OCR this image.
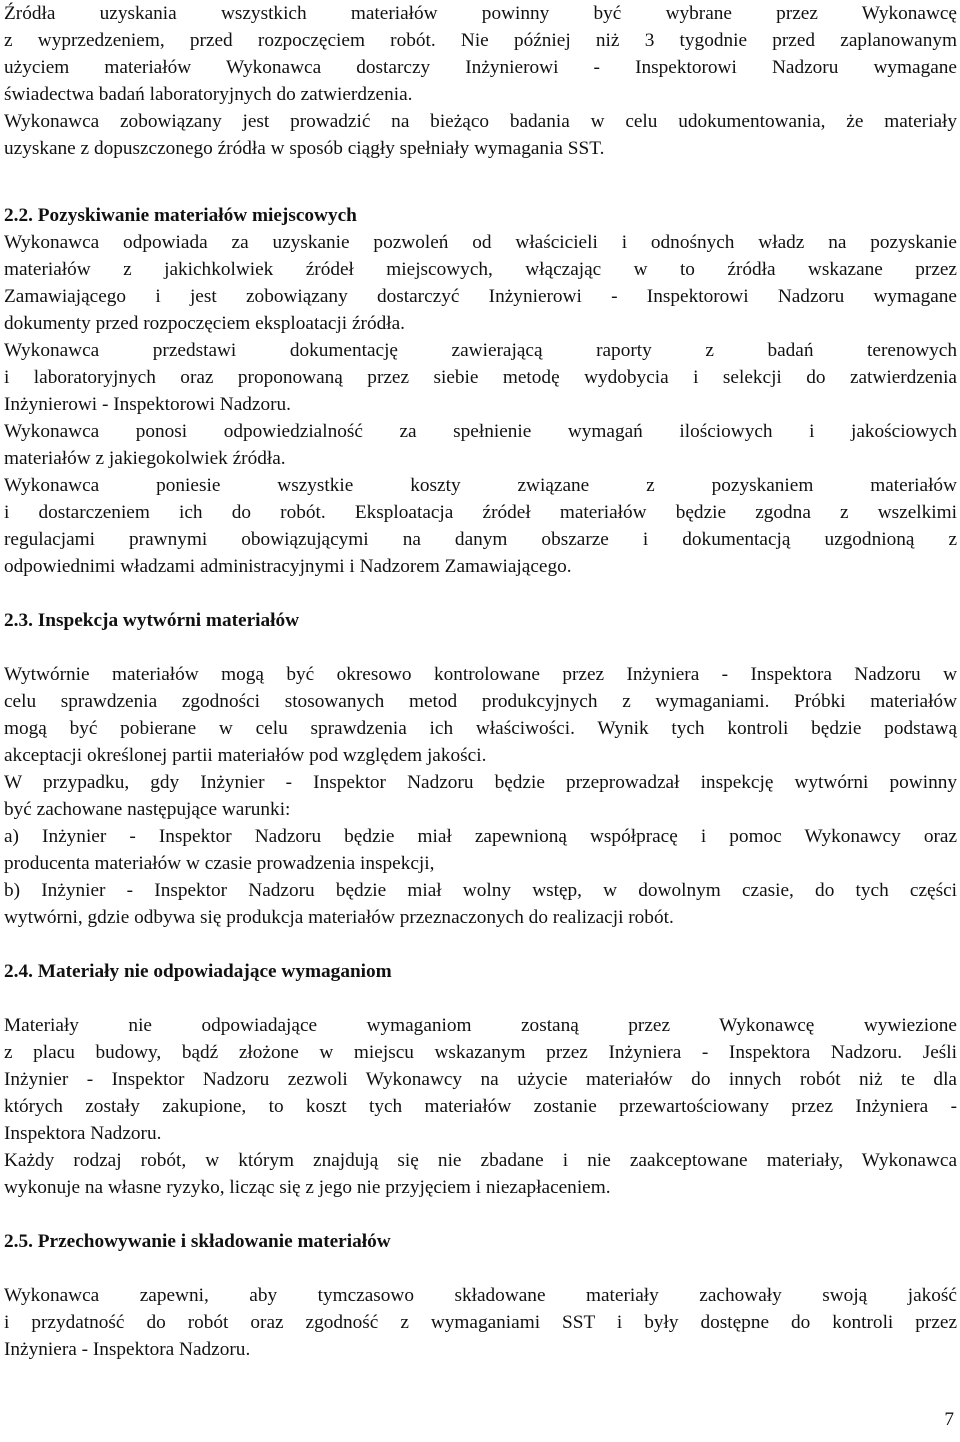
Źródła uzyskania wszystkich materiałów powinny być wybrane przez Wykonawcę
z wyprzedzeniem, przed rozpoczęciem robót. Nie później niż 3 tygodnie przed zaplanowanym
użyciem materiałów Wykonawca dostarczy Inżynierowi - Inspektorowi Nadzoru wymagane
świadectwa badań laboratoryjnych do zatwierdzenia.
Wykonawca zobowiązany jest prowadzić na bieżąco badania w celu udokumentowania, że materiały
uzyskane z dopuszczonego źródła w sposób ciągły spełniały wymagania SST.
2.2. Pozyskiwanie materiałów miejscowych
Wykonawca odpowiada za uzyskanie pozwoleń od właścicieli i odnośnych władz na pozyskanie
materiałów z jakichkolwiek źródeł miejscowych, włączając w to źródła wskazane przez
Zamawiającego i jest zobowiązany dostarczyć Inżynierowi - Inspektorowi Nadzoru wymagane
dokumenty przed rozpoczęciem eksploatacji źródła.
Wykonawca przedstawi dokumentację zawierającą raporty z badań terenowych
i laboratoryjnych oraz proponowaną przez siebie metodę wydobycia i selekcji do zatwierdzenia
Inżynierowi - Inspektorowi Nadzoru.
Wykonawca ponosi odpowiedzialność za spełnienie wymagań ilościowych i jakościowych
materiałów z jakiegokolwiek źródła.
Wykonawca poniesie wszystkie koszty związane z pozyskaniem materiałów
i dostarczeniem ich do robót. Eksploatacja źródeł materiałów będzie zgodna z wszelkimi
regulacjami prawnymi obowiązującymi na danym obszarze i dokumentacją uzgodnioną z
odpowiednimi władzami administracyjnymi i Nadzorem Zamawiającego.
2.3. Inspekcja wytwórni materiałów
Wytwórnie materiałów mogą być okresowo kontrolowane przez Inżyniera - Inspektora Nadzoru w
celu sprawdzenia zgodności stosowanych metod produkcyjnych z wymaganiami. Próbki materiałów
mogą być pobierane w celu sprawdzenia ich właściwości. Wynik tych kontroli będzie podstawą
akceptacji określonej partii materiałów pod względem jakości.
W przypadku, gdy Inżynier - Inspektor Nadzoru będzie przeprowadzał inspekcję wytwórni powinny
być zachowane następujące warunki:
a) Inżynier - Inspektor Nadzoru będzie miał zapewnioną współpracę i pomoc Wykonawcy oraz
producenta materiałów w czasie prowadzenia inspekcji,
b) Inżynier - Inspektor Nadzoru będzie miał wolny wstęp, w dowolnym czasie, do tych części
wytwórni, gdzie odbywa się produkcja materiałów przeznaczonych do realizacji robót.
2.4. Materiały nie odpowiadające wymaganiom
Materiały nie odpowiadające wymaganiom zostaną przez Wykonawcę wywiezione
z placu budowy, bądź złożone w miejscu wskazanym przez Inżyniera - Inspektora Nadzoru. Jeśli
Inżynier - Inspektor Nadzoru zezwoli Wykonawcy na użycie materiałów do innych robót niż te dla
których zostały zakupione, to koszt tych materiałów zostanie przewartościowany przez Inżyniera -
Inspektora Nadzoru.
Każdy rodzaj robót, w którym znajdują się nie zbadane i nie zaakceptowane materiały, Wykonawca
wykonuje na własne ryzyko, licząc się z jego nie przyjęciem i niezapłaceniem.
2.5. Przechowywanie i składowanie materiałów
Wykonawca zapewni, aby tymczasowo składowane materiały zachowały swoją jakość
i przydatność do robót oraz zgodność z wymaganiami SST i były dostępne do kontroli przez
Inżyniera - Inspektora Nadzoru.
7
